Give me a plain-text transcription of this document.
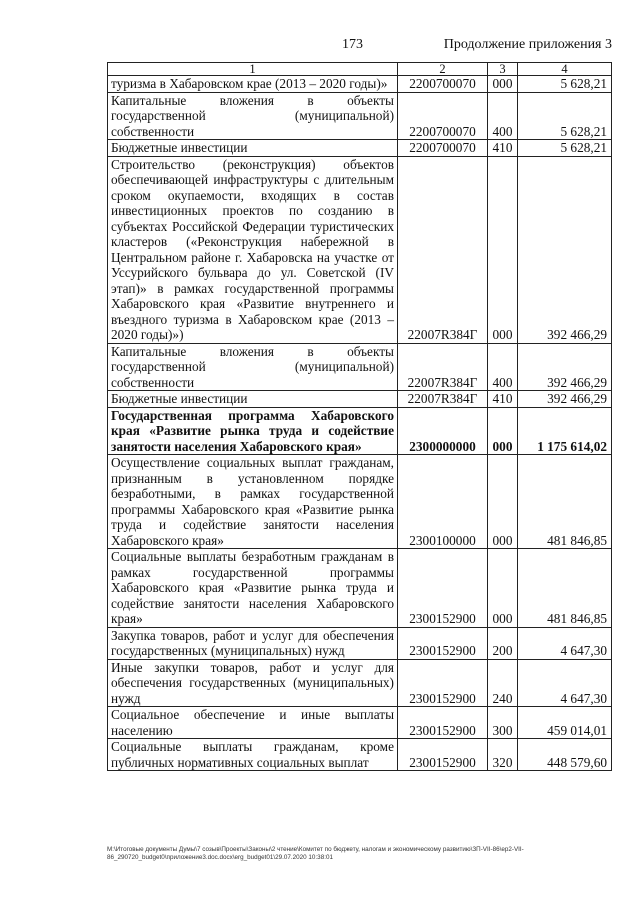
173	Продолжение приложения 3
1	2	3	4
туризма в Хабаровском крае (2013 – 2020 годы)»	2200700070	000	5 628,21
Капитальные вложения в объекты государственной (муниципальной) собственности	2200700070	400	5 628,21
Бюджетные инвестиции	2200700070	410	5 628,21
Строительство (реконструкция) объектов обеспечивающей инфраструктуры с длительным сроком окупаемости, входящих в состав инвестиционных проектов по созданию в субъектах Российской Федерации туристических кластеров («Реконструкция набережной в Центральном районе г. Хабаровска на участке от Уссурийского бульвара до ул. Советской (IV этап)» в рамках государственной программы Хабаровского края «Развитие внутреннего и въездного туризма в Хабаровском крае (2013 – 2020 годы)»)	22007R384Г	000	392 466,29
Капитальные вложения в объекты государственной (муниципальной) собственности	22007R384Г	400	392 466,29
Бюджетные инвестиции	22007R384Г	410	392 466,29
Государственная программа Хабаровского края «Развитие рынка труда и содействие занятости населения Хабаровского края»	2300000000	000	1 175 614,02
Осуществление социальных выплат гражданам, признанным в установленном порядке безработными, в рамках государственной программы Хабаровского края «Развитие рынка труда и содействие занятости населения Хабаровского края»	2300100000	000	481 846,85
Социальные выплаты безработным гражданам в рамках государственной программы Хабаровского края «Развитие рынка труда и содействие занятости населения Хабаровского края»	2300152900	000	481 846,85
Закупка товаров, работ и услуг для обеспечения государственных (муниципальных) нужд	2300152900	200	4 647,30
Иные закупки товаров, работ и услуг для обеспечения государственных (муниципальных) нужд	2300152900	240	4 647,30
Социальное обеспечение и иные выплаты населению	2300152900	300	459 014,01
Социальные выплаты гражданам, кроме публичных нормативных социальных выплат	2300152900	320	448 579,60
M:\Итоговые документы Думы\7 созыв\Проекты\Законы\2 чтение\Комитет по бюджету, налогам и экономическому развитию\ЗП-VII-86\ep2-VII-86_290720_budget0\приложение3.doc.docx\erg_budget01\29.07.2020 10:38:01
